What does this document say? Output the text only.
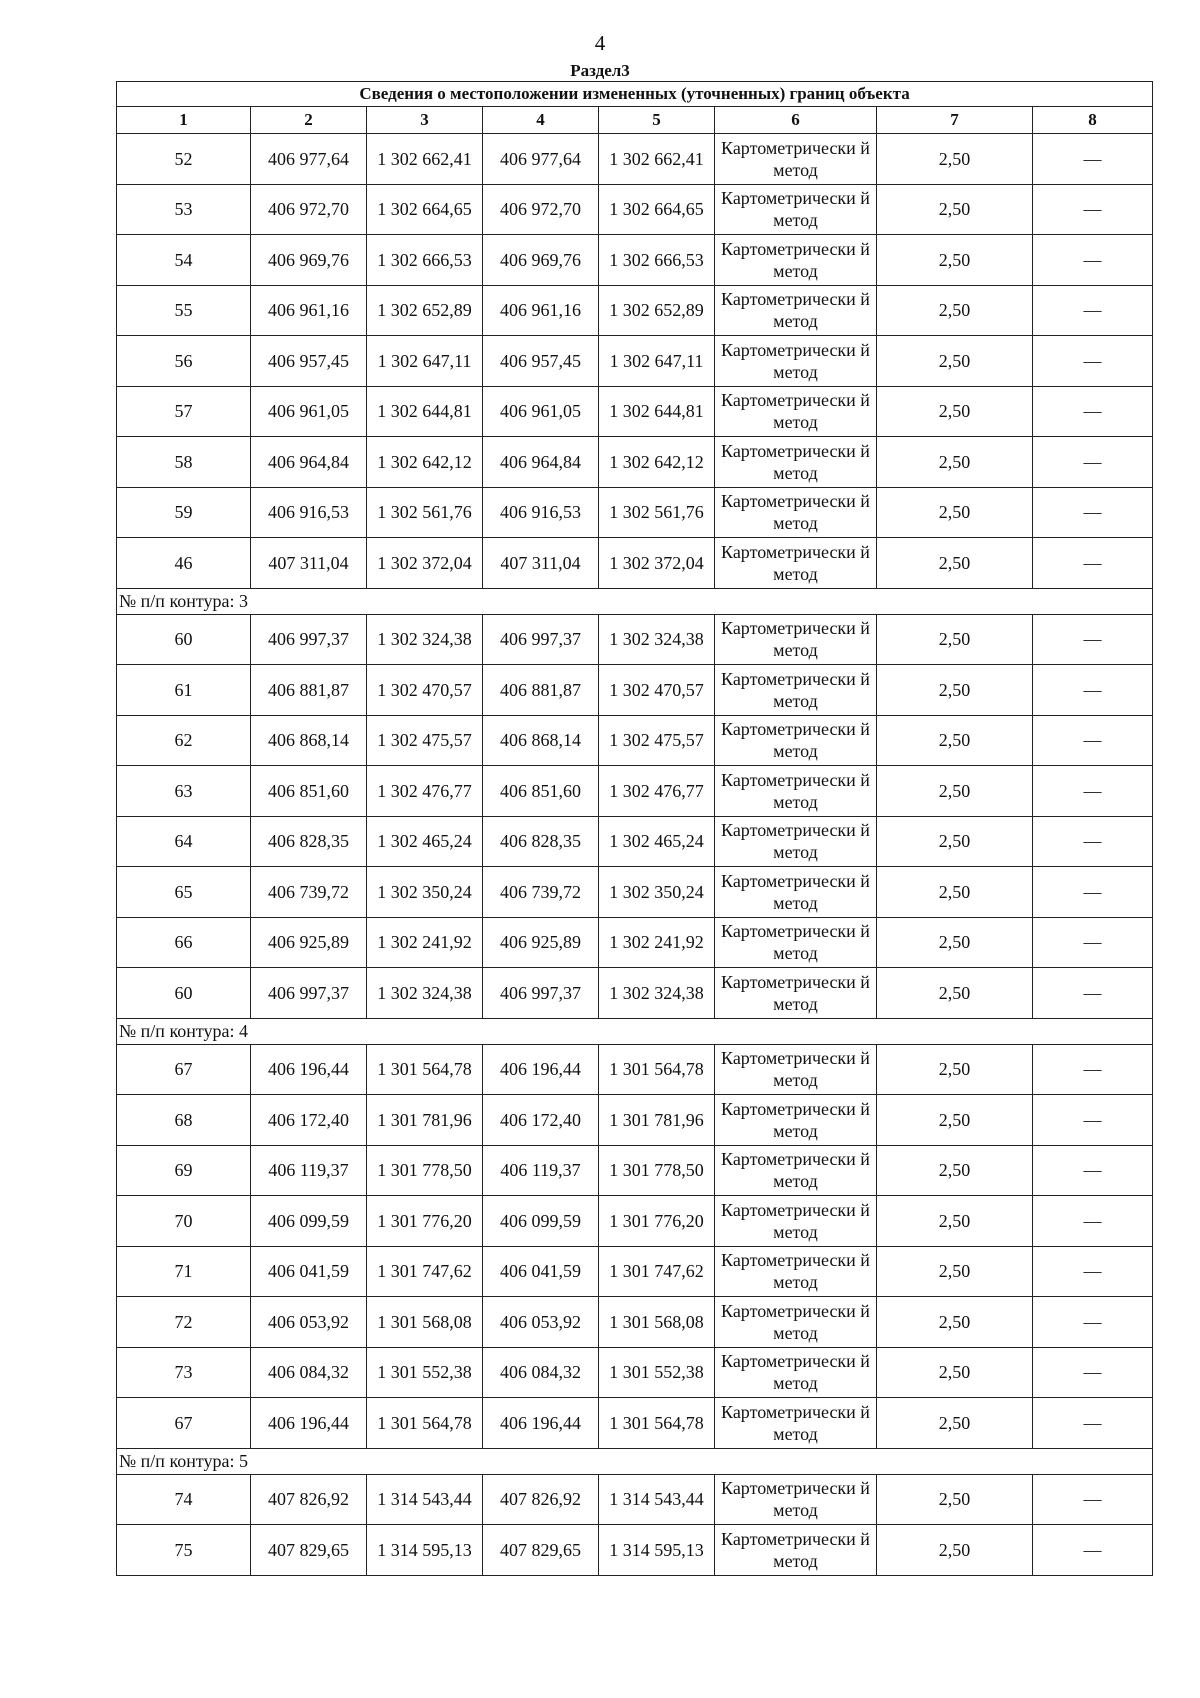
4
Раздел3
Сведения о местоположении измененных (уточненных) границ объекта							
1	2	3	4	5	6	7	8
52	406 977,64	1 302 662,41	406 977,64	1 302 662,41	Картометрически й метод	2,50	—
53	406 972,70	1 302 664,65	406 972,70	1 302 664,65	Картометрически й метод	2,50	—
54	406 969,76	1 302 666,53	406 969,76	1 302 666,53	Картометрически й метод	2,50	—
55	406 961,16	1 302 652,89	406 961,16	1 302 652,89	Картометрически й метод	2,50	—
56	406 957,45	1 302 647,11	406 957,45	1 302 647,11	Картометрически й метод	2,50	—
57	406 961,05	1 302 644,81	406 961,05	1 302 644,81	Картометрически й метод	2,50	—
58	406 964,84	1 302 642,12	406 964,84	1 302 642,12	Картометрически й метод	2,50	—
59	406 916,53	1 302 561,76	406 916,53	1 302 561,76	Картометрически й метод	2,50	—
46	407 311,04	1 302 372,04	407 311,04	1 302 372,04	Картометрически й метод	2,50	—
№ п/п контура: 3							
60	406 997,37	1 302 324,38	406 997,37	1 302 324,38	Картометрически й метод	2,50	—
61	406 881,87	1 302 470,57	406 881,87	1 302 470,57	Картометрически й метод	2,50	—
62	406 868,14	1 302 475,57	406 868,14	1 302 475,57	Картометрически й метод	2,50	—
63	406 851,60	1 302 476,77	406 851,60	1 302 476,77	Картометрически й метод	2,50	—
64	406 828,35	1 302 465,24	406 828,35	1 302 465,24	Картометрически й метод	2,50	—
65	406 739,72	1 302 350,24	406 739,72	1 302 350,24	Картометрически й метод	2,50	—
66	406 925,89	1 302 241,92	406 925,89	1 302 241,92	Картометрически й метод	2,50	—
60	406 997,37	1 302 324,38	406 997,37	1 302 324,38	Картометрически й метод	2,50	—
№ п/п контура: 4							
67	406 196,44	1 301 564,78	406 196,44	1 301 564,78	Картометрически й метод	2,50	—
68	406 172,40	1 301 781,96	406 172,40	1 301 781,96	Картометрически й метод	2,50	—
69	406 119,37	1 301 778,50	406 119,37	1 301 778,50	Картометрически й метод	2,50	—
70	406 099,59	1 301 776,20	406 099,59	1 301 776,20	Картометрически й метод	2,50	—
71	406 041,59	1 301 747,62	406 041,59	1 301 747,62	Картометрически й метод	2,50	—
72	406 053,92	1 301 568,08	406 053,92	1 301 568,08	Картометрически й метод	2,50	—
73	406 084,32	1 301 552,38	406 084,32	1 301 552,38	Картометрически й метод	2,50	—
67	406 196,44	1 301 564,78	406 196,44	1 301 564,78	Картометрически й метод	2,50	—
№ п/п контура: 5							
74	407 826,92	1 314 543,44	407 826,92	1 314 543,44	Картометрически й метод	2,50	—
75	407 829,65	1 314 595,13	407 829,65	1 314 595,13	Картометрически й метод	2,50	—
